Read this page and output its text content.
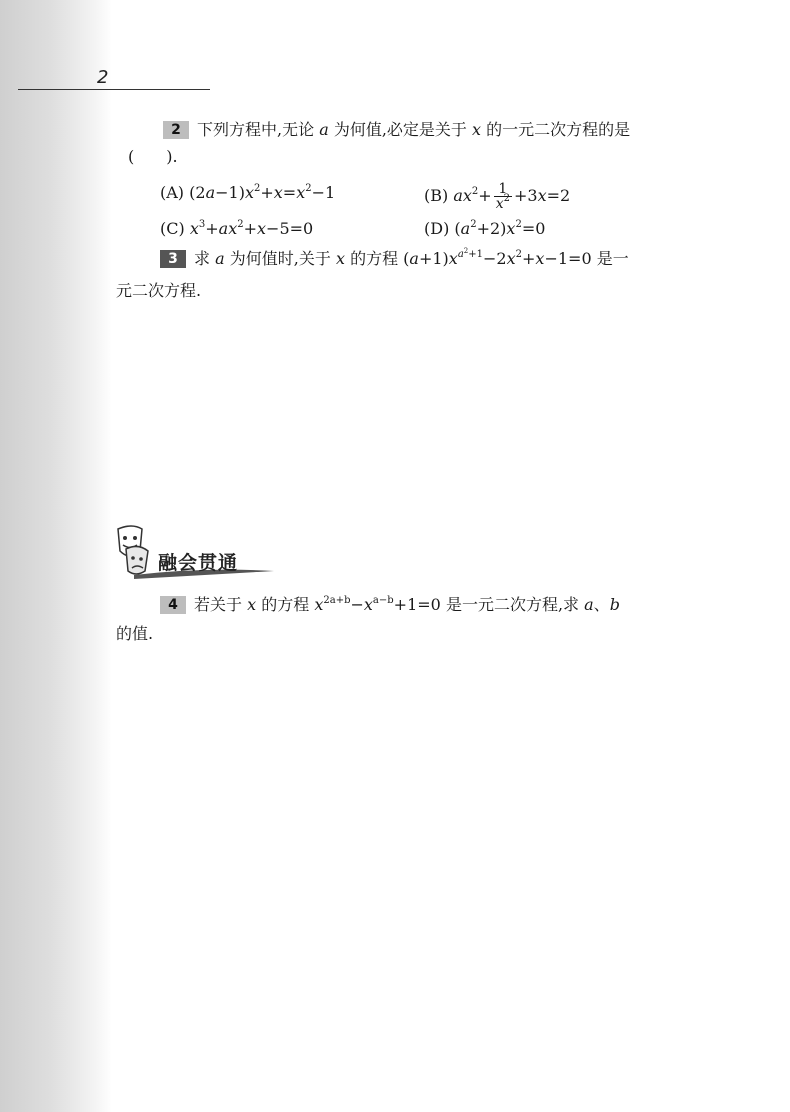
2
2 下列方程中,无论 a 为何值,必定是关于 x 的一元二次方程的是
(　　).
(A) $(2a-1)x^2+x=x^2-1$	(B) $ax^2+ \frac{1}{x^2} +3x=2$
(C) $x^3+ax^2+x-5=0$	(D) $(a^2+2)x^2=0$
3 求 a 为何值时,关于 x 的方程 $(a+1)x^{a^2+1}-2x^2+x-1=0$ 是一
元二次方程.
融会贯通
4 若关于 x 的方程 $x^{2a+b}-x^{a-b}+1=0$ 是一元二次方程,求 a、b
的值.
